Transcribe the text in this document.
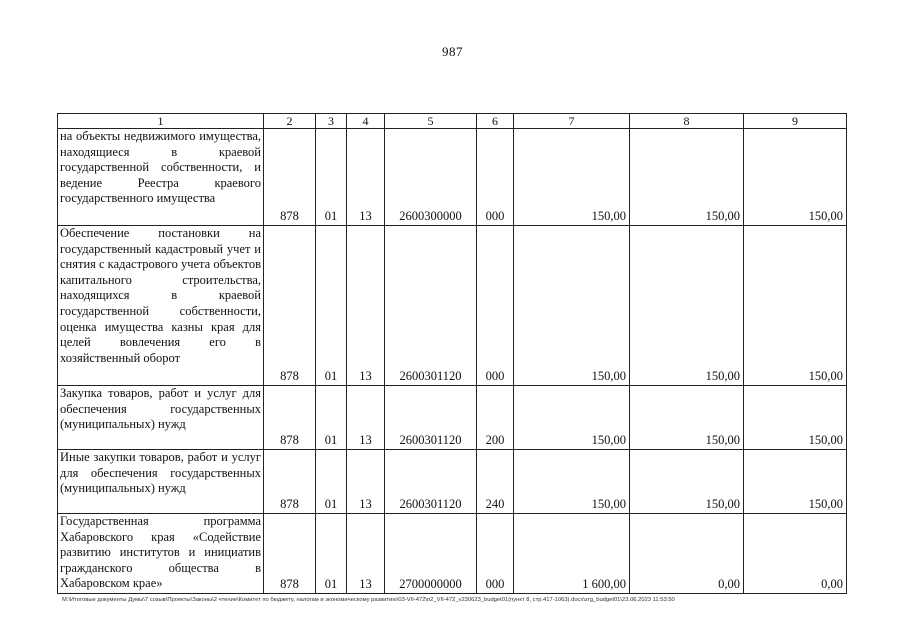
987
1	2	3	4	5	6	7	8	9
на объекты недвижимого имущества, находящиеся в краевой государственной собственности, и ведение Реестра краевого государственного имущества	878	01	13	2600300000	000	150,00	150,00	150,00
Обеспечение постановки на государственный кадастровый учет и снятия с кадастрового учета объектов капитального строительства, находящихся в краевой государственной собственности, оценка имущества казны края для целей вовлечения его в хозяйственный оборот	878	01	13	2600301120	000	150,00	150,00	150,00
Закупка товаров, работ и услуг для обеспечения государственных (муниципальных) нужд	878	01	13	2600301120	200	150,00	150,00	150,00
Иные закупки товаров, работ и услуг для обеспечения государственных (муниципальных) нужд	878	01	13	2600301120	240	150,00	150,00	150,00
Государственная программа Хабаровского края «Содействие развитию институтов и инициатив гражданского общества в Хабаровском крае»	878	01	13	2700000000	000	1 600,00	0,00	0,00
М:\Итоговые документы Думы\7 созыв\Проекты\Законы\2 чтение\Комитет по бюджету, налогам и экономическому развитию\03-VII-472\п2_VII-472_v230623_budget01(пункт 8, стр.417-1063).docx\zrg_budget01\23.06.2023 11:53:50
